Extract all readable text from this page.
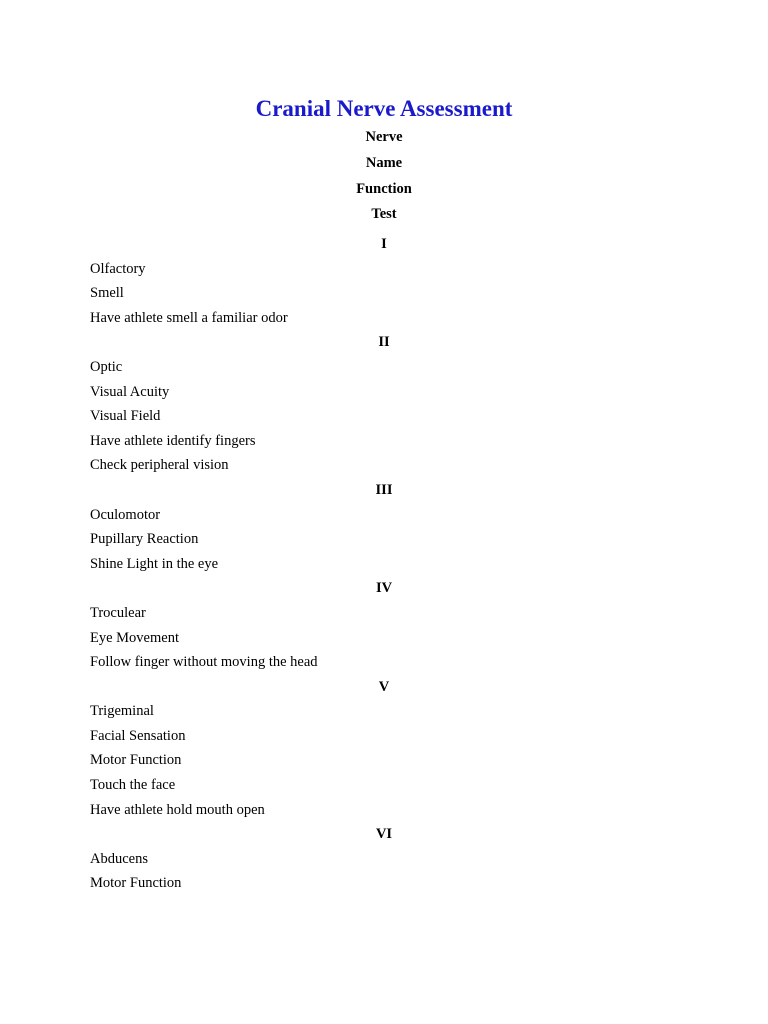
Cranial Nerve Assessment
Nerve
Name
Function
Test
I
Olfactory
Smell
Have athlete smell a familiar odor
II
Optic
Visual Acuity
Visual Field
Have athlete identify fingers
Check peripheral vision
III
Oculomotor
Pupillary Reaction
Shine Light in the eye
IV
Troculear
Eye Movement
Follow finger without moving the head
V
Trigeminal
Facial Sensation
Motor Function
Touch the face
Have athlete hold mouth open
VI
Abducens
Motor Function
